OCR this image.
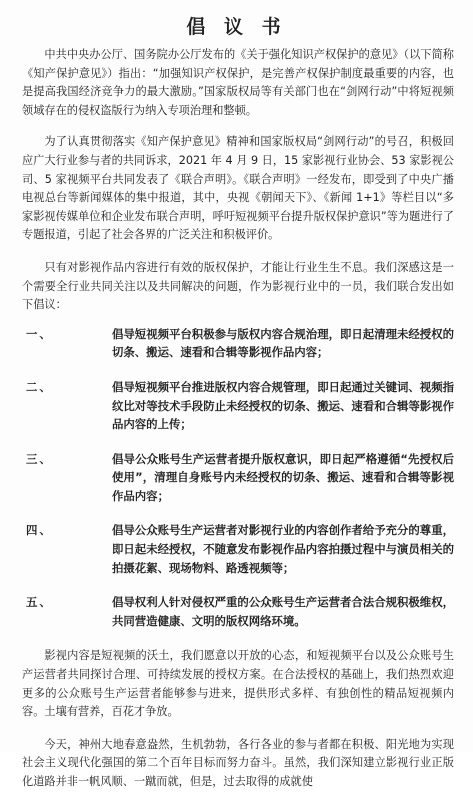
倡 议 书

中共中央办公厅、国务院办公厅发布的《关于强化知识产权保护的意见》（以下简称《知产保护意见》）指出：“加强知识产权保护，是完善产权保护制度最重要的内容，也是提高我国经济竞争力的最大激励。”国家版权局等有关部门也在“剑网行动”中将短视频领域存在的侵权盗版行为纳入专项治理和整顿。

为了认真贯彻落实《知产保护意见》精神和国家版权局“剑网行动”的号召，积极回应广大行业参与者的共同诉求，2021 年 4 月 9 日，15 家影视行业协会、53 家影视公司、5 家视频平台共同发表了《联合声明》。《联合声明》一经发布，即受到了中央广播电视总台等新闻媒体的集中报道，其中，央视《朝闻天下》、《新闻 1+1》等栏目以“多家影视传媒单位和企业发布联合声明，呼吁短视频平台提升版权保护意识”等为题进行了专题报道，引起了社会各界的广泛关注和积极评价。

只有对影视作品内容进行有效的版权保护，才能让行业生生不息。我们深感这是一个需要全行业共同关注以及共同解决的问题，作为影视行业中的一员，我们联合发出如下倡议：

一、	倡导短视频平台积极参与版权内容合规治理，即日起清理未经授权的切条、搬运、速看和合辑等影视作品内容；
二、	倡导短视频平台推进版权内容合规管理，即日起通过关键词、视频指纹比对等技术手段防止未经授权的切条、搬运、速看和合辑等影视作品内容的上传；
三、	倡导公众账号生产运营者提升版权意识，即日起严格遵循“先授权后使用”，清理自身账号内未经授权的切条、搬运、速看和合辑等影视作品内容；
四、	倡导公众账号生产运营者对影视行业的内容创作者给予充分的尊重，即日起未经授权，不随意发布影视作品内容拍摄过程中与演员相关的拍摄花絮、现场物料、路透视频等；
五、	倡导权利人针对侵权严重的公众账号生产运营者合法合规积极维权，共同营造健康、文明的版权网络环境。

影视内容是短视频的沃土，我们愿意以开放的心态，和短视频平台以及公众账号生产运营者共同探讨合理、可持续发展的授权方案。在合法授权的基础上，我们热烈欢迎更多的公众账号生产运营者能够参与进来，提供形式多样、有独创性的精品短视频内容。土壤有营养，百花才争放。

今天，神州大地春意盎然，生机勃勃，各行各业的参与者都在积极、阳光地为实现社会主义现代化强国的第二个百年目标而努力奋斗。虽然，我们深知建立影视行业正版化道路并非一帆风顺、一蹴而就，但是，过去取得的成就使
